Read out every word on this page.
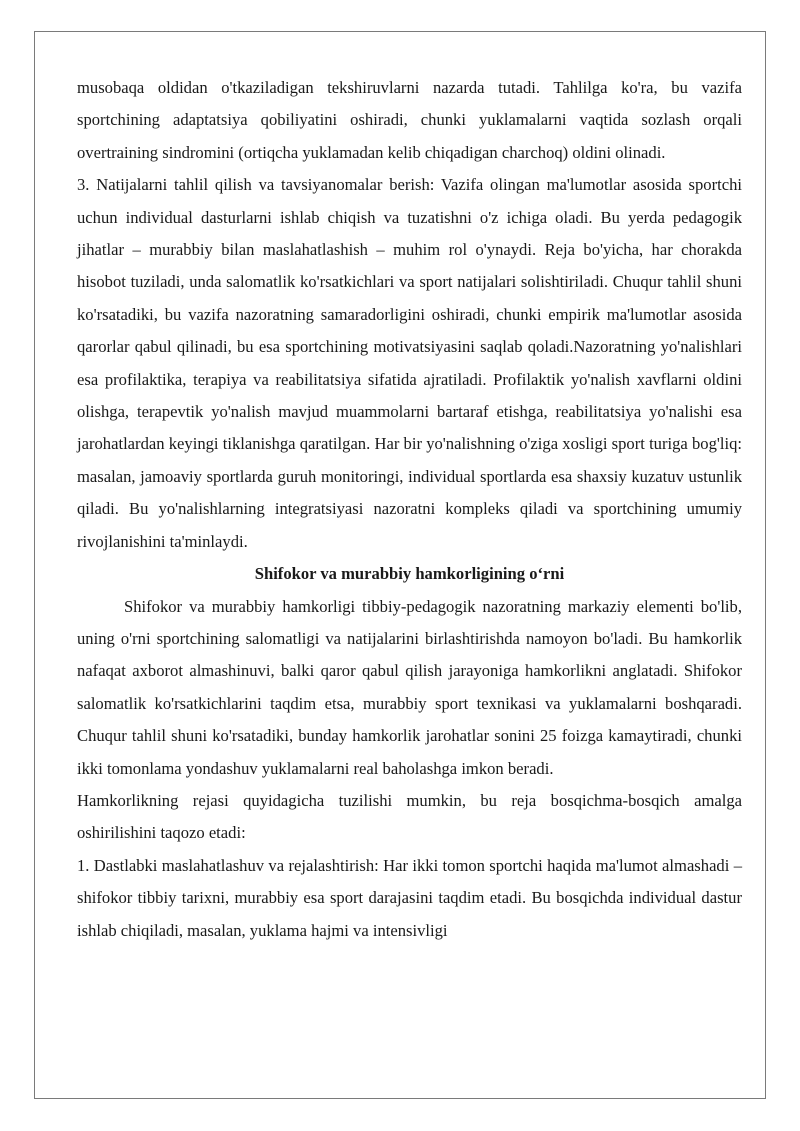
musobaqa oldidan o'tkaziladigan tekshiruvlarni nazarda tutadi. Tahlilga ko'ra, bu vazifa sportchining adaptatsiya qobiliyatini oshiradi, chunki yuklamalarni vaqtida sozlash orqali overtraining sindromini (ortiqcha yuklamadan kelib chiqadigan charchoq) oldini olinadi.

3. Natijalarni tahlil qilish va tavsiyanomalar berish: Vazifa olingan ma'lumotlar asosida sportchi uchun individual dasturlarni ishlab chiqish va tuzatishni o'z ichiga oladi. Bu yerda pedagogik jihatlar – murabbiy bilan maslahatlashish – muhim rol o'ynaydi. Reja bo'yicha, har chorakda hisobot tuziladi, unda salomatlik ko'rsatkichlari va sport natijalari solishtiriladi. Chuqur tahlil shuni ko'rsatadiki, bu vazifa nazoratning samaradorligini oshiradi, chunki empirik ma'lumotlar asosida qarorlar qabul qilinadi, bu esa sportchining motivatsiyasini saqlab qoladi.Nazoratning yo'nalishlari esa profilaktika, terapiya va reabilitatsiya sifatida ajratiladi. Profilaktik yo'nalish xavflarni oldini olishga, terapevtik yo'nalish mavjud muammolarni bartaraf etishga, reabilitatsiya yo'nalishi esa jarohatlardan keyingi tiklanishga qaratilgan. Har bir yo'nalishning o'ziga xosligi sport turiga bog'liq: masalan, jamoaviy sportlarda guruh monitoringi, individual sportlarda esa shaxsiy kuzatuv ustunlik qiladi. Bu yo'nalishlarning integratsiyasi nazoratni kompleks qiladi va sportchining umumiy rivojlanishini ta'minlaydi.

Shifokor va murabbiy hamkorligining o‘rni

Shifokor va murabbiy hamkorligi tibbiy-pedagogik nazoratning markaziy elementi bo'lib, uning o'rni sportchining salomatligi va natijalarini birlashtirishda namoyon bo'ladi. Bu hamkorlik nafaqat axborot almashinuvi, balki qaror qabul qilish jarayoniga hamkorlikni anglatadi. Shifokor salomatlik ko'rsatkichlarini taqdim etsa, murabbiy sport texnikasi va yuklamalarni boshqaradi. Chuqur tahlil shuni ko'rsatadiki, bunday hamkorlik jarohatlar sonini 25 foizga kamaytiradi, chunki ikki tomonlama yondashuv yuklamalarni real baholashga imkon beradi.

Hamkorlikning rejasi quyidagicha tuzilishi mumkin, bu reja bosqichma-bosqich amalga oshirilishini taqozo etadi:

1. Dastlabki maslahatlashuv va rejalashtirish: Har ikki tomon sportchi haqida ma'lumot almashadi – shifokor tibbiy tarixni, murabbiy esa sport darajasini taqdim etadi. Bu bosqichda individual dastur ishlab chiqiladi, masalan, yuklama hajmi va intensivligi
